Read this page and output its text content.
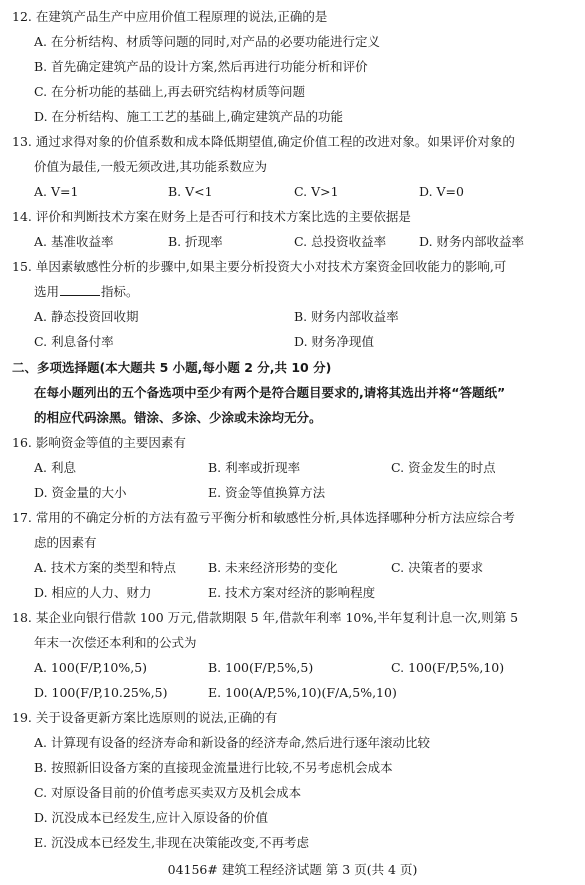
12. 在建筑产品生产中应用价值工程原理的说法,正确的是
A. 在分析结构、材质等问题的同时,对产品的必要功能进行定义
B. 首先确定建筑产品的设计方案,然后再进行功能分析和评价
C. 在分析功能的基础上,再去研究结构材质等问题
D. 在分析结构、施工工艺的基础上,确定建筑产品的功能
13. 通过求得对象的价值系数和成本降低期望值,确定价值工程的改进对象。如果评价对象的
价值为最佳,一般无须改进,其功能系数应为
A. V=1	B. V<1	C. V>1	D. V=0
14. 评价和判断技术方案在财务上是否可行和技术方案比选的主要依据是
A. 基准收益率	B. 折现率	C. 总投资收益率	D. 财务内部收益率
15. 单因素敏感性分析的步骤中,如果主要分析投资大小对技术方案资金回收能力的影响,可
选用	指标。
A. 静态投资回收期	B. 财务内部收益率
C. 利息备付率	D. 财务净现值
二、多项选择题(本大题共 5 小题,每小题 2 分,共 10 分)
在每小题列出的五个备选项中至少有两个是符合题目要求的,请将其选出并将“答题纸”
的相应代码涂黑。错涂、多涂、少涂或未涂均无分。
16. 影响资金等值的主要因素有
A. 利息	B. 利率或折现率	C. 资金发生的时点
D. 资金量的大小	E. 资金等值换算方法
17. 常用的不确定分析的方法有盈亏平衡分析和敏感性分析,具体选择哪种分析方法应综合考
虑的因素有
A. 技术方案的类型和特点	B. 未来经济形势的变化	C. 决策者的要求
D. 相应的人力、财力	E. 技术方案对经济的影响程度
18. 某企业向银行借款 100 万元,借款期限 5 年,借款年利率 10%,半年复利计息一次,则第 5
年末一次偿还本利和的公式为
A. 100(F/P,10%,5)	B. 100(F/P,5%,5)	C. 100(F/P,5%,10)
D. 100(F/P,10.25%,5)	E. 100(A/P,5%,10)(F/A,5%,10)
19. 关于设备更新方案比选原则的说法,正确的有
A. 计算现有设备的经济寿命和新设备的经济寿命,然后进行逐年滚动比较
B. 按照新旧设备方案的直接现金流量进行比较,不另考虑机会成本
C. 对原设备目前的价值考虑买卖双方及机会成本
D. 沉没成本已经发生,应计入原设备的价值
E. 沉没成本已经发生,非现在决策能改变,不再考虑
04156# 建筑工程经济试题 第 3 页(共 4 页)
